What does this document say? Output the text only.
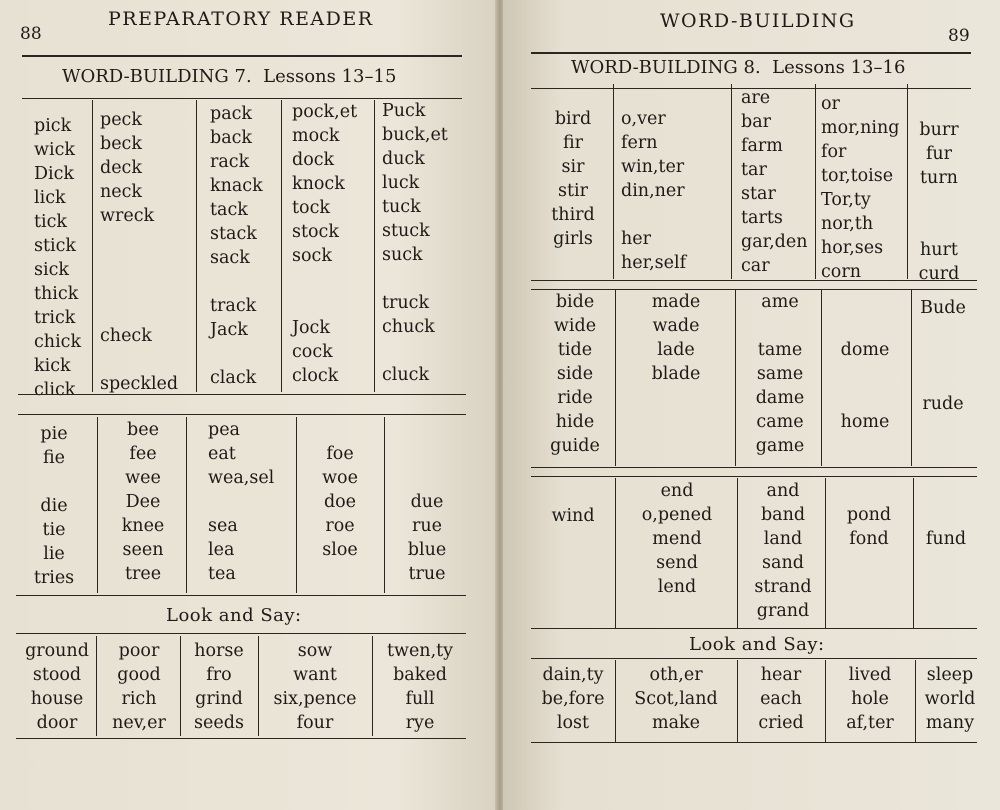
88
PREPARATORY READER
WORD-BUILDING 7. Lessons 13–15
pick
wick
Dick
lick
tick
stick
sick
thick
trick
chick
kick
click
peck
beck
deck
neck
wreck

check

speckled
pack
back
rack
knack
tack
stack
sack

track
Jack

clack
pock,et
mock
dock
knock
tock
stock
sock

Jock
cock
clock
Puck
buck,et
duck
luck
tuck
stuck
suck

truck
chuck

cluck
pie
fie

die
tie
lie
tries
bee
fee
wee
Dee
knee
seen
tree
pea
eat
wea,sel

sea
lea
tea

foe
woe
doe
roe
sloe

due
rue
blue
true
Look and Say:
ground
stood
house
door
poor
good
rich
nev,er
horse
fro
grind
seeds
sow
want
six,pence
four
twen,ty
baked
full
rye
WORD-BUILDING
89
WORD-BUILDING 8. Lessons 13–16
bird
fir
sir
stir
third
girls
o,ver
fern
win,ter
din,ner

her
her,self
are
bar
farm
tar
star
tarts
gar,den
car
or
mor,ning
for
tor,toise
Tor,ty
nor,th
hor,ses
corn
burr
fur
turn

hurt
curd
bide
wide
tide
side
ride
hide
guide
made
wade
lade
blade

ame

tame
same
dame
came
game

dome

home

Bude

rude

wind
end
o,pened
mend
send
lend
and
band
land
sand
strand
grand

pond
fond

	fund
Look and Say:
dain,ty
be,fore
lost
oth,er
Scot,land
make
hear
each
cried
lived
hole
af,ter
sleep
world
many
